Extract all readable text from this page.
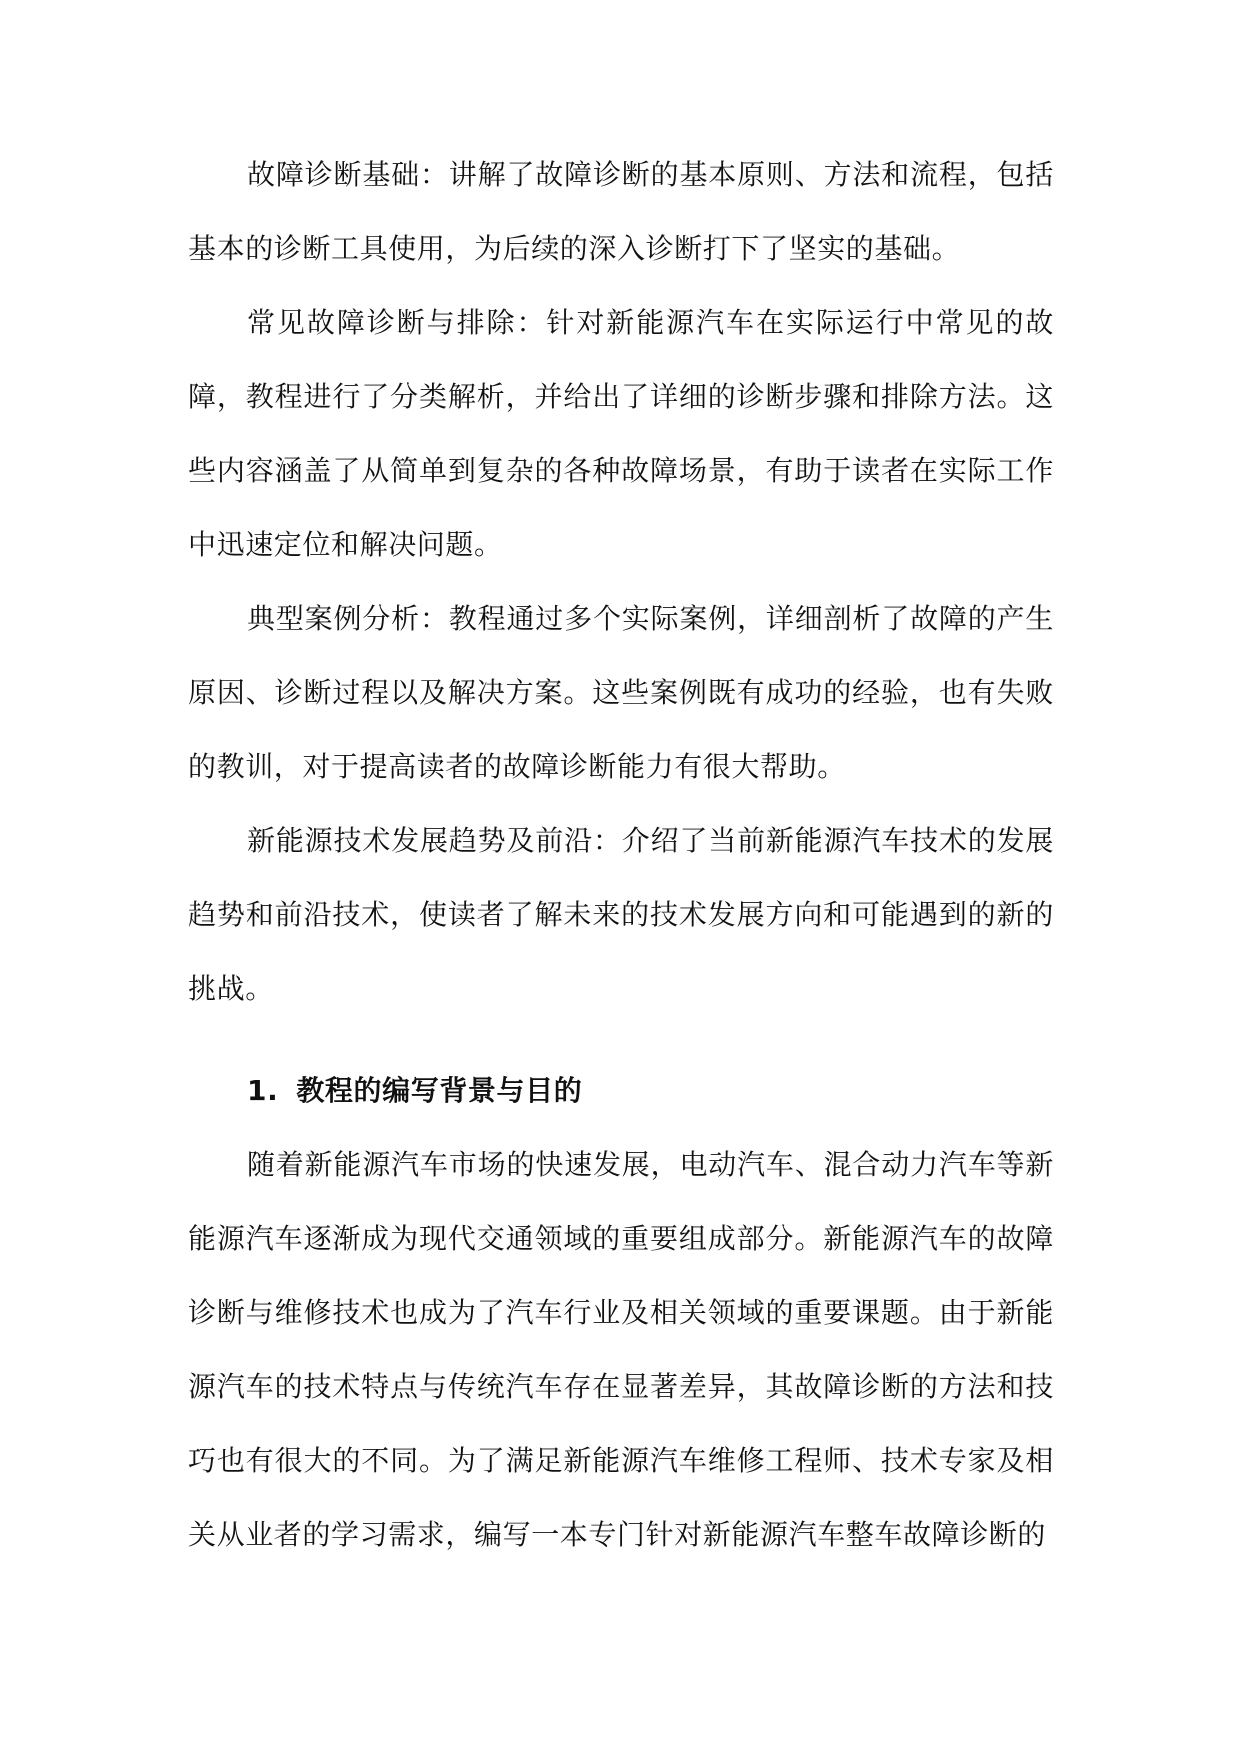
故障诊断基础：讲解了故障诊断的基本原则、方法和流程，包括基本的诊断工具使用，为后续的深入诊断打下了坚实的基础。

常见故障诊断与排除：针对新能源汽车在实际运行中常见的故障，教程进行了分类解析，并给出了详细的诊断步骤和排除方法。这些内容涵盖了从简单到复杂的各种故障场景，有助于读者在实际工作中迅速定位和解决问题。

典型案例分析：教程通过多个实际案例，详细剖析了故障的产生原因、诊断过程以及解决方案。这些案例既有成功的经验，也有失败的教训，对于提高读者的故障诊断能力有很大帮助。

新能源技术发展趋势及前沿：介绍了当前新能源汽车技术的发展趋势和前沿技术，使读者了解未来的技术发展方向和可能遇到的新的挑战。

1. 教程的编写背景与目的

随着新能源汽车市场的快速发展，电动汽车、混合动力汽车等新能源汽车逐渐成为现代交通领域的重要组成部分。新能源汽车的故障诊断与维修技术也成为了汽车行业及相关领域的重要课题。由于新能源汽车的技术特点与传统汽车存在显著差异，其故障诊断的方法和技巧也有很大的不同。为了满足新能源汽车维修工程师、技术专家及相关从业者的学习需求，编写一本专门针对新能源汽车整车故障诊断的
